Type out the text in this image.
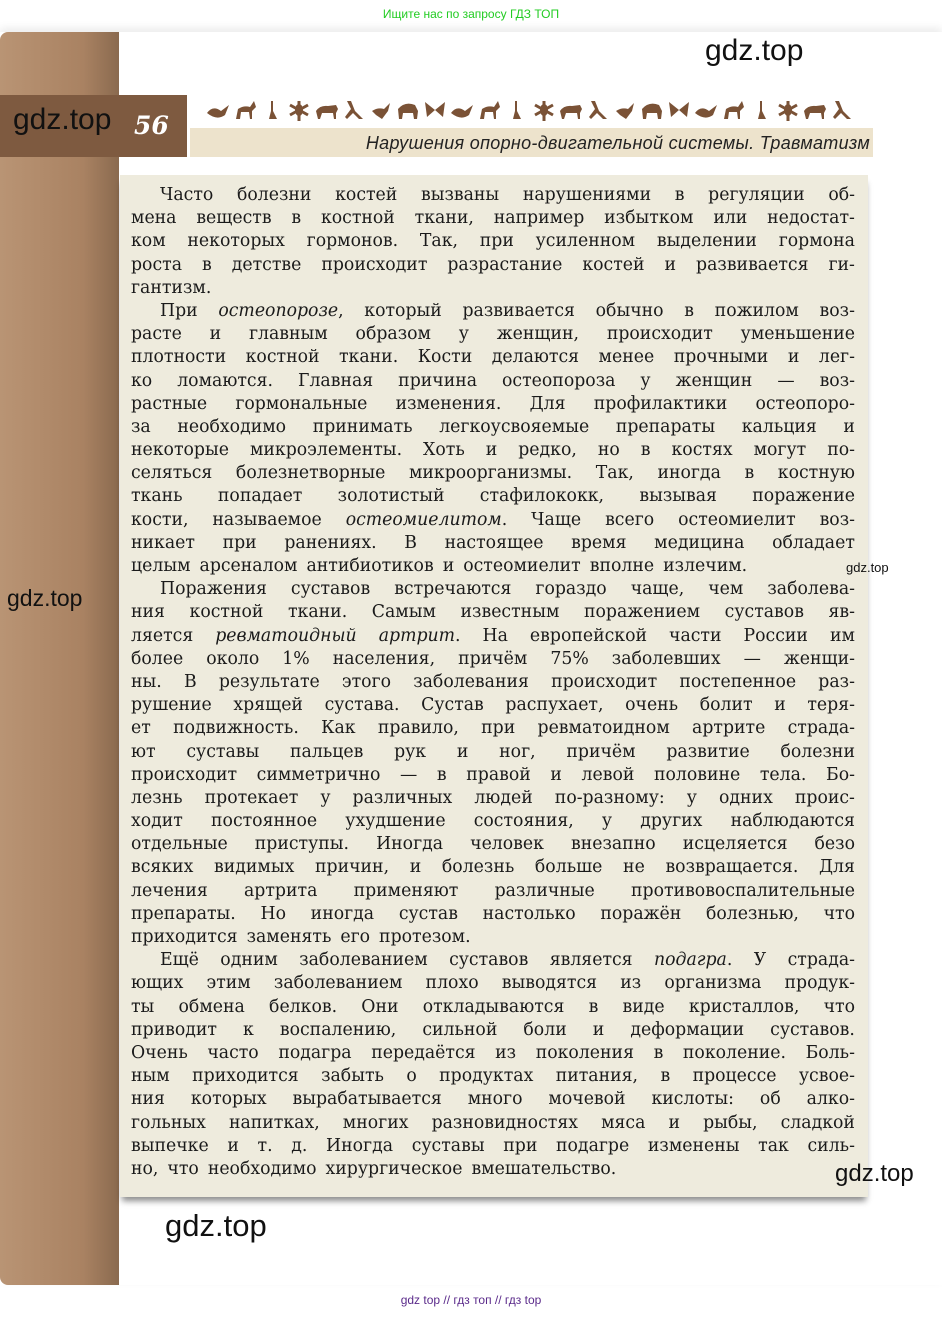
Ищите нас по запросу ГДЗ ТОП
gdz.top 56
Нарушения опорно-двигательной системы. Травматизм
Часто болезни костей вызваны нарушениями в регуляции об-
мена веществ в костной ткани, например избытком или недостат-
ком некоторых гормонов. Так, при усиленном выделении гормона
роста в детстве происходит разрастание костей и развивается ги-
гантизм.
При остеопорозе, который развивается обычно в пожилом воз-
расте и главным образом у женщин, происходит уменьшение
плотности костной ткани. Кости делаются менее прочными и лег-
ко ломаются. Главная причина остеопороза у женщин — воз-
растные гормональные изменения. Для профилактики остеопоро-
за необходимо принимать легкоусвояемые препараты кальция и
некоторые микроэлементы. Хоть и редко, но в костях могут по-
селяться болезнетворные микроорганизмы. Так, иногда в костную
ткань попадает золотистый стафилококк, вызывая поражение
кости, называемое остеомиелитом. Чаще всего остеомиелит воз-
никает при ранениях. В настоящее время медицина обладает
целым арсеналом антибиотиков и остеомиелит вполне излечим.
Поражения суставов встречаются гораздо чаще, чем заболева-
ния костной ткани. Самым известным поражением суставов яв-
ляется ревматоидный артрит. На европейской части России им
более около 1% населения, причём 75% заболевших — женщи-
ны. В результате этого заболевания происходит постепенное раз-
рушение хрящей сустава. Сустав распухает, очень болит и теря-
ет подвижность. Как правило, при ревматоидном артрите страда-
ют суставы пальцев рук и ног, причём развитие болезни
происходит симметрично — в правой и левой половине тела. Бо-
лезнь протекает у различных людей по-разному: у одних проис-
ходит постоянное ухудшение состояния, у других наблюдаются
отдельные приступы. Иногда человек внезапно исцеляется безо
всяких видимых причин, и болезнь больше не возвращается. Для
лечения артрита применяют различные противовоспалительные
препараты. Но иногда сустав настолько поражён болезнью, что
приходится заменять его протезом.
Ещё одним заболеванием суставов является подагра. У страда-
ющих этим заболеванием плохо выводятся из организма продук-
ты обмена белков. Они откладываются в виде кристаллов, что
приводит к воспалению, сильной боли и деформации суставов.
Очень часто подагра передаётся из поколения в поколение. Боль-
ным приходится забыть о продуктах питания, в процессе усвое-
ния которых вырабатывается много мочевой кислоты: об алко-
гольных напитках, многих разновидностях мяса и рыбы, сладкой
выпечке и т. д. Иногда суставы при подагре изменены так силь-
но, что необходимо хирургическое вмешательство.
gdz.top
gdz.top
gdz.top
gdz.top
gdz.top
gdz top // гдз топ // гдз top
